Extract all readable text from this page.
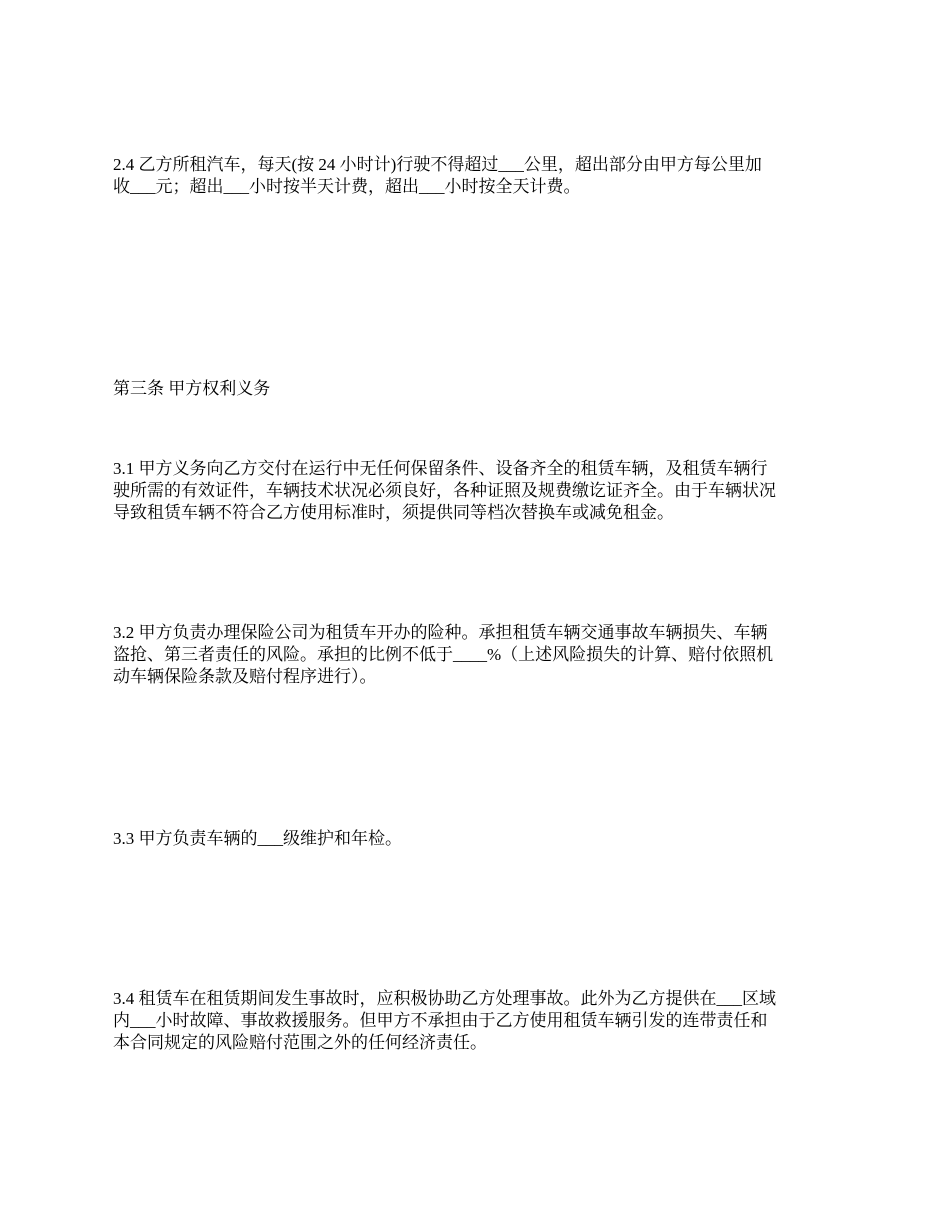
2.4 乙方所租汽车，每天(按 24 小时计)行驶不得超过___公里，超出部分由甲方每公里加
收___元；超出___小时按半天计费，超出___小时按全天计费。

第三条 甲方权利义务

3.1 甲方义务向乙方交付在运行中无任何保留条件、设备齐全的租赁车辆，及租赁车辆行
驶所需的有效证件，车辆技术状况必须良好，各种证照及规费缴讫证齐全。由于车辆状况
导致租赁车辆不符合乙方使用标准时，须提供同等档次替换车或减免租金。

3.2 甲方负责办理保险公司为租赁车开办的险种。承担租赁车辆交通事故车辆损失、车辆
盗抢、第三者责任的风险。承担的比例不低于____%（上述风险损失的计算、赔付依照机
动车辆保险条款及赔付程序进行）。

3.3 甲方负责车辆的___级维护和年检。

3.4 租赁车在租赁期间发生事故时，应积极协助乙方处理事故。此外为乙方提供在___区域
内___小时故障、事故救援服务。但甲方不承担由于乙方使用租赁车辆引发的连带责任和
本合同规定的风险赔付范围之外的任何经济责任。
